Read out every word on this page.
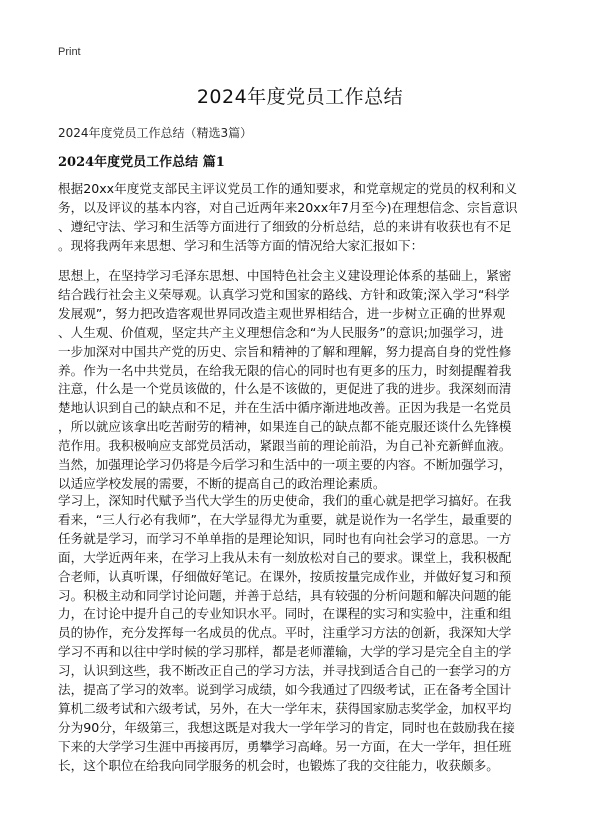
Print
2024年度党员工作总结
2024年度党员工作总结（精选3篇）
2024年度党员工作总结 篇1

根据20xx年度党支部民主评议党员工作的通知要求，和党章规定的党员的权利和义
务，以及评议的基本内容，对自己近两年来20xx年7月至今)在理想信念、宗旨意识
、遵纪守法、学习和生活等方面进行了细致的分析总结，总的来讲有收获也有不足
。现将我两年来思想、学习和生活等方面的情况给大家汇报如下：

思想上，在坚持学习毛泽东思想、中国特色社会主义建设理论体系的基础上，紧密
结合践行社会主义荣辱观。认真学习党和国家的路线、方针和政策;深入学习“科学
发展观”，努力把改造客观世界同改造主观世界相结合，进一步树立正确的世界观
、人生观、价值观，坚定共产主义理想信念和“为人民服务”的意识;加强学习，进
一步加深对中国共产党的历史、宗旨和精神的了解和理解，努力提高自身的党性修
养。作为一名中共党员，在给我无限的信心的同时也有更多的压力，时刻提醒着我
注意，什么是一个党员该做的，什么是不该做的，更促进了我的进步。我深刻而清
楚地认识到自己的缺点和不足，并在生活中循序渐进地改善。正因为我是一名党员
，所以就应该拿出吃苦耐劳的精神，如果连自己的缺点都不能克服还谈什么先锋模
范作用。我积极响应支部党员活动，紧跟当前的理论前沿，为自己补充新鲜血液。
当然，加强理论学习仍将是今后学习和生活中的一项主要的内容。不断加强学习，
以适应学校发展的需要，不断的提高自己的政治理论素质。

学习上，深知时代赋予当代大学生的历史使命，我们的重心就是把学习搞好。在我
看来，“三人行必有我师”，在大学显得尤为重要，就是说作为一名学生，最重要的
任务就是学习，而学习不单单指的是理论知识，同时也有向社会学习的意思。一方
面，大学近两年来，在学习上我从未有一刻放松对自己的要求。课堂上，我积极配
合老师，认真听课，仔细做好笔记。在课外，按质按量完成作业，并做好复习和预
习。积极主动和同学讨论问题，并善于总结，具有较强的分析问题和解决问题的能
力，在讨论中提升自己的专业知识水平。同时，在课程的实习和实验中，注重和组
员的协作，充分发挥每一名成员的优点。平时，注重学习方法的创新，我深知大学
学习不再和以往中学时候的学习那样，都是老师灌输，大学的学习是完全自主的学
习，认识到这些，我不断改正自己的学习方法，并寻找到适合自己的一套学习的方
法，提高了学习的效率。说到学习成绩，如今我通过了四级考试，正在备考全国计
算机二级考试和六级考试，另外，在大一学年末，获得国家励志奖学金，加权平均
分为90分，年级第三，我想这既是对我大一学年学习的肯定，同时也在鼓励我在接
下来的大学学习生涯中再接再厉，勇攀学习高峰。另一方面，在大一学年，担任班
长，这个职位在给我向同学服务的机会时，也锻炼了我的交往能力，收获颇多。
